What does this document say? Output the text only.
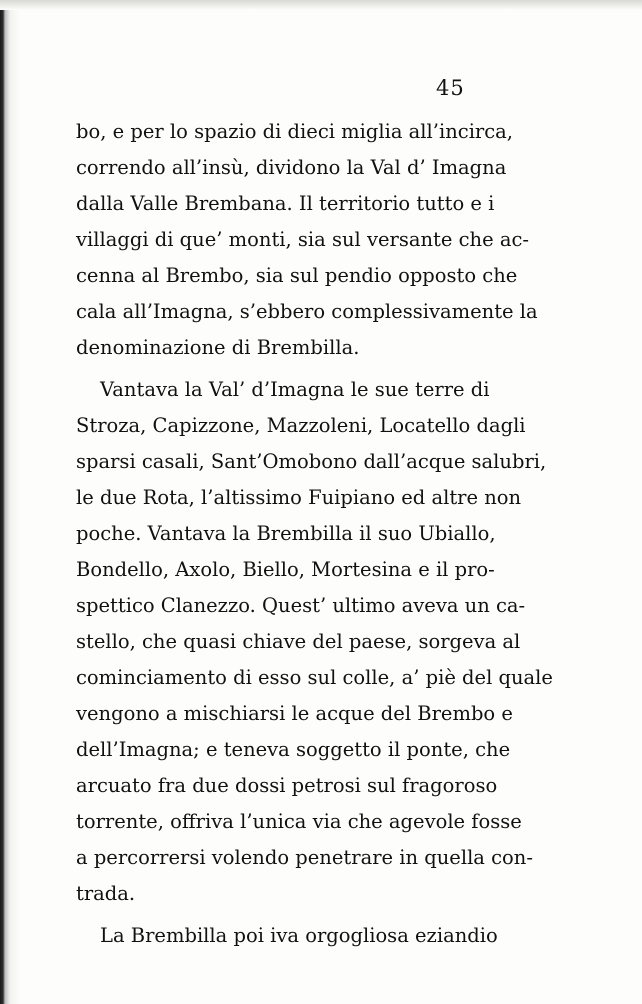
45
bo, e per lo spazio di dieci miglia all’incirca,
correndo all’insù, dividono la Val d’ Imagna
dalla Valle Brembana. Il territorio tutto e i
villaggi di que’ monti, sia sul versante che ac-
cenna al Brembo, sia sul pendio opposto che
cala all’Imagna, s’ebbero complessivamente la
denominazione di Brembilla.
Vantava la Val’ d’Imagna le sue terre di
Stroza, Capizzone, Mazzoleni, Locatello dagli
sparsi casali, Sant’Omobono dall’acque salubri,
le due Rota, l’altissimo Fuipiano ed altre non
poche. Vantava la Brembilla il suo Ubiallo,
Bondello, Axolo, Biello, Mortesina e il pro-
spettico Clanezzo. Quest’ ultimo aveva un ca-
stello, che quasi chiave del paese, sorgeva al
cominciamento di esso sul colle, a’ piè del quale
vengono a mischiarsi le acque del Brembo e
dell’Imagna; e teneva soggetto il ponte, che
arcuato fra due dossi petrosi sul fragoroso
torrente, offriva l’unica via che agevole fosse
a percorrersi volendo penetrare in quella con-
trada.
La Brembilla poi iva orgogliosa eziandio
